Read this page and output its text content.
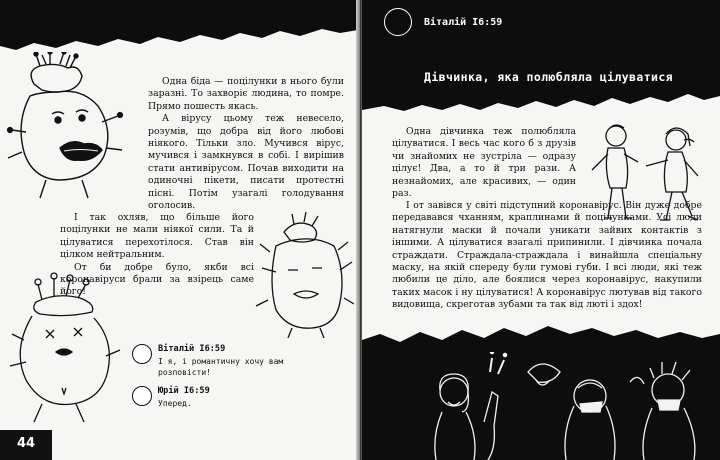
Одна біда — поцілунки в нього були заразні. То захворіє людина, то помре. Прямо пошесть якась.

А вірусу цьому теж невесело, розумів, що добра від його любові ніякого. Тільки зло. Мучився вірус, мучився і замкнувся в собі. І вирішив стати антивірусом. Почав виходити на одиночні пікети, писати протестні пісні. Потім узагалі голодування оголосив.

І так охляв, що більше його поцілунки не мали ніякої сили. Та й цілуватися перехотілося. Став він цілком нейтральним.

От би добре було, якби всі коронавіруси брали за взірець саме його!

Віталій І6:59
І я, і романтичну хочу вам розповісти!
Юрій І6:59
Уперед.
44
Віталій І6:59
Дівчинка, яка полюбляла цілуватися

Одна дівчинка теж полюбляла цілуватися. І весь час кого б з друзів чи знайомих не зустріла — одразу цілує! Два, а то й три рази. А незнайомих, але красивих, — один раз.

І от завівся у світі підступний коронавірус. Він дуже добре передавався чханням, краплинами й поцілунками. Усі люди натягнули маски й почали уникати зайвих контактів з іншими. А цілуватися взагалі припинили. І дівчинка почала страждати. Страждала-страждала і винайшла спеціальну маску, на якій спереду були гумові губи. І всі люди, які теж любили це діло, але боялися через коронавірус, накупили таких масок і ну цілуватися! А коронавірус лютував від такого видовища, скреготав зубами та так від люті і здох!
